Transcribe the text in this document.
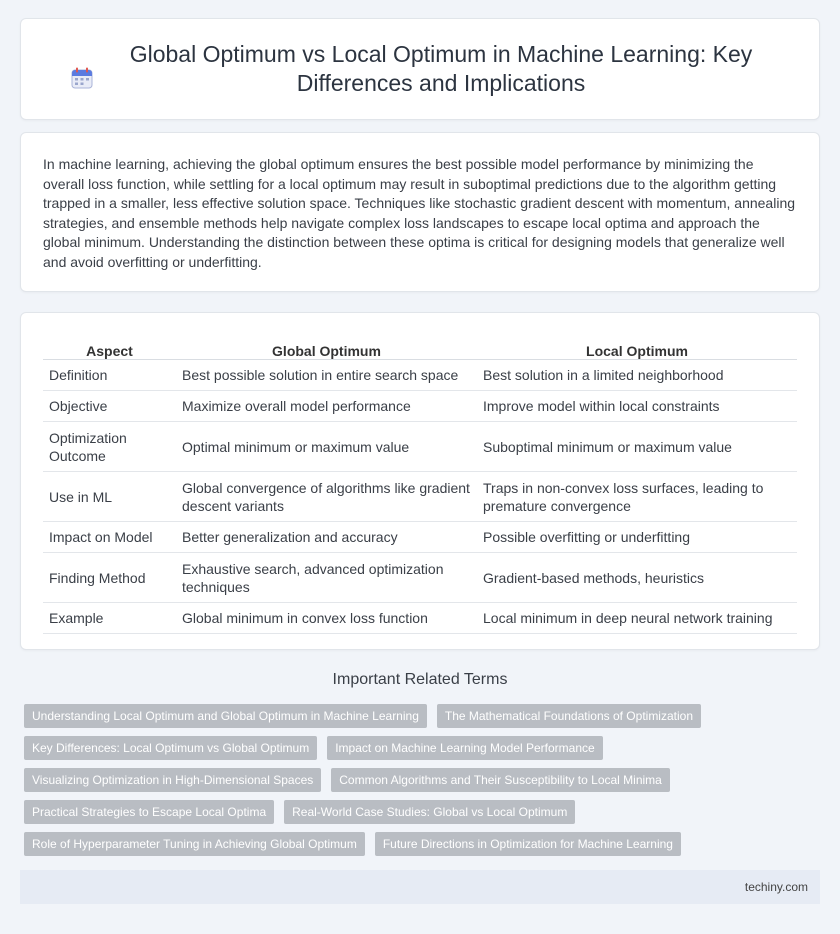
Global Optimum vs Local Optimum in Machine Learning: Key Differences and Implications

In machine learning, achieving the global optimum ensures the best possible model performance by minimizing the overall loss function, while settling for a local optimum may result in suboptimal predictions due to the algorithm getting trapped in a smaller, less effective solution space. Techniques like stochastic gradient descent with momentum, annealing strategies, and ensemble methods help navigate complex loss landscapes to escape local optima and approach the global minimum. Understanding the distinction between these optima is critical for designing models that generalize well and avoid overfitting or underfitting.

Aspect	Global Optimum	Local Optimum
Definition	Best possible solution in entire search space	Best solution in a limited neighborhood
Objective	Maximize overall model performance	Improve model within local constraints
Optimization Outcome	Optimal minimum or maximum value	Suboptimal minimum or maximum value
Use in ML	Global convergence of algorithms like gradient descent variants	Traps in non-convex loss surfaces, leading to premature convergence
Impact on Model	Better generalization and accuracy	Possible overfitting or underfitting
Finding Method	Exhaustive search, advanced optimization techniques	Gradient-based methods, heuristics
Example	Global minimum in convex loss function	Local minimum in deep neural network training
Important Related Terms
Understanding Local Optimum and Global Optimum in Machine Learning	The Mathematical Foundations of Optimization
Key Differences: Local Optimum vs Global Optimum	Impact on Machine Learning Model Performance
Visualizing Optimization in High-Dimensional Spaces	Common Algorithms and Their Susceptibility to Local Minima
Practical Strategies to Escape Local Optima	Real-World Case Studies: Global vs Local Optimum
Role of Hyperparameter Tuning in Achieving Global Optimum	Future Directions in Optimization for Machine Learning
techiny.com
